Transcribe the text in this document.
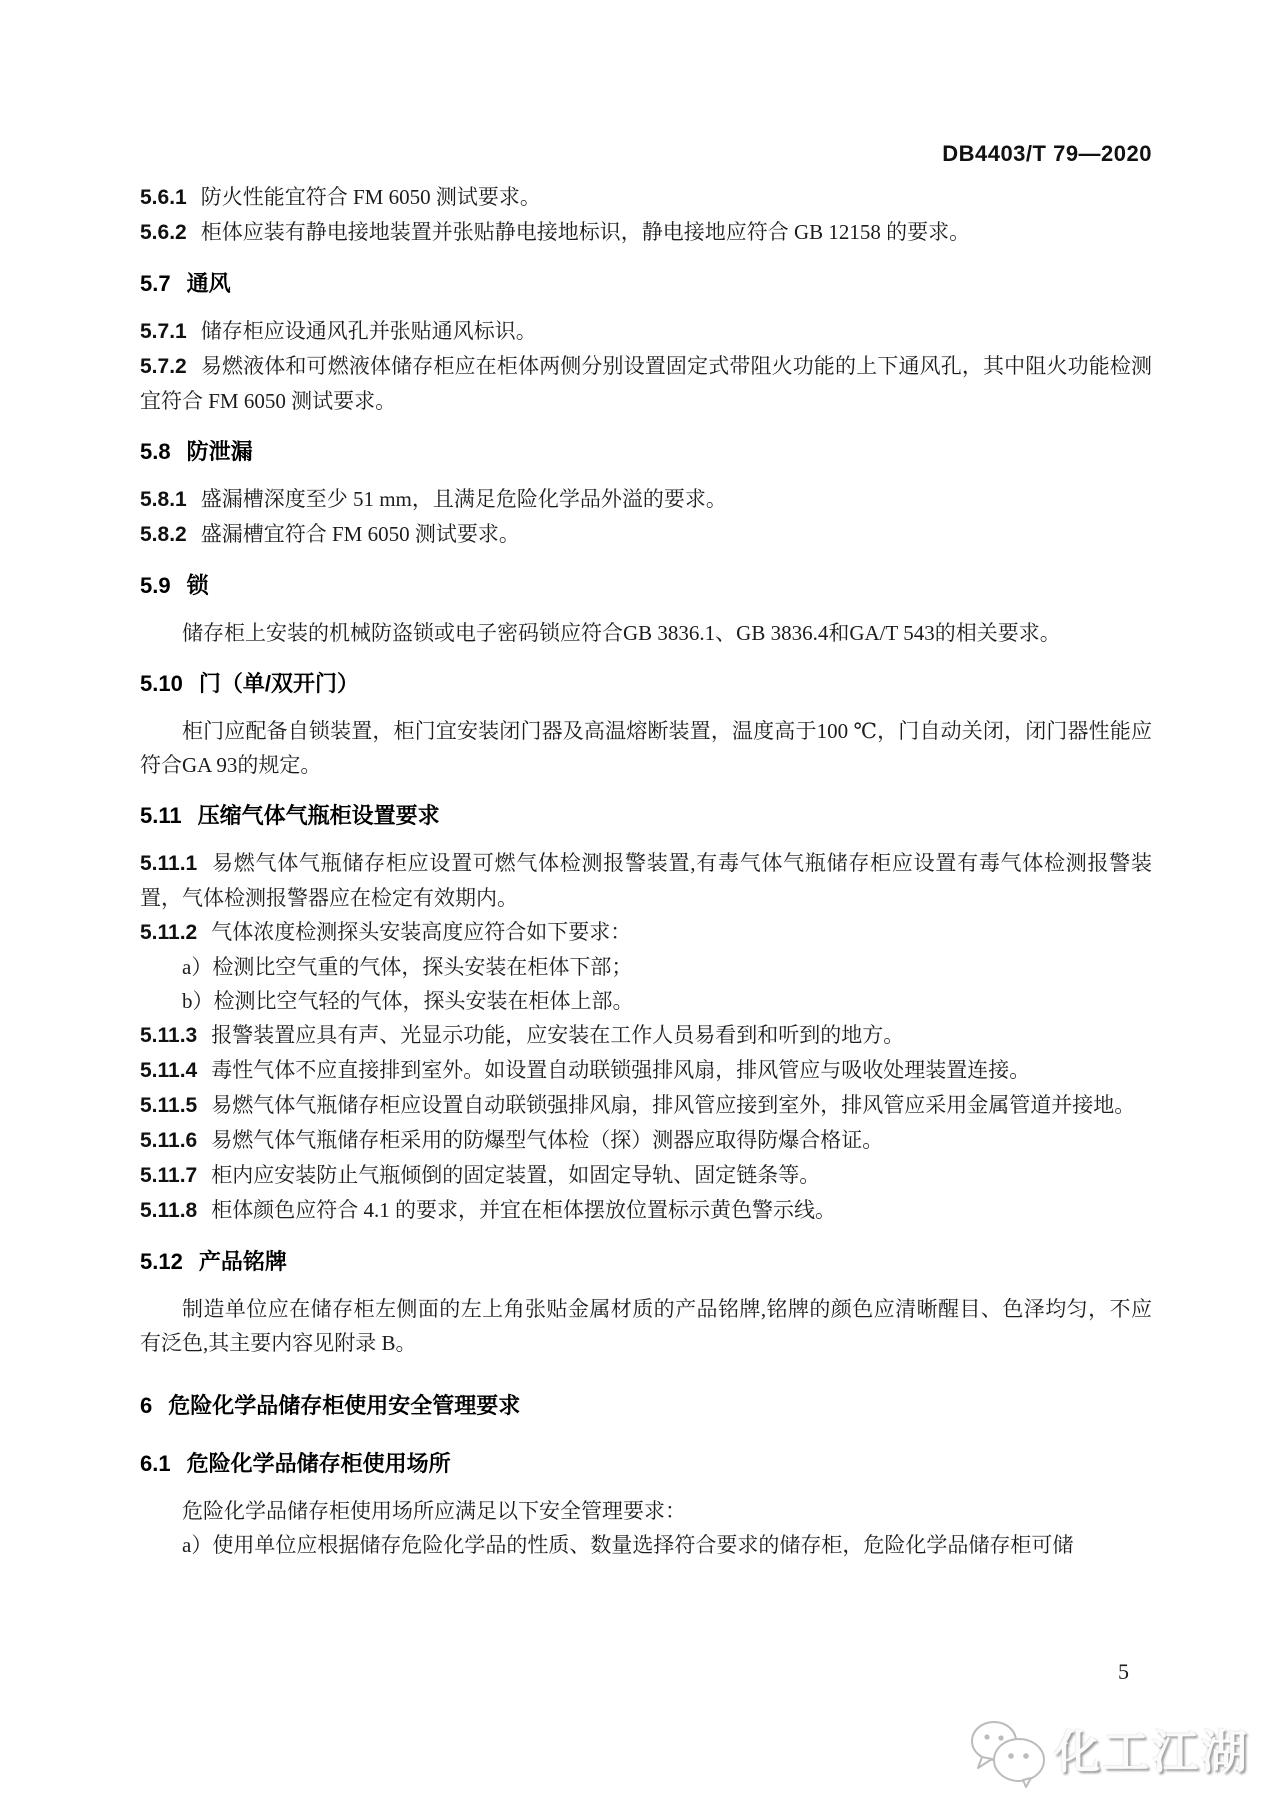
DB4403/T 79—2020
5.6.1 防火性能宜符合 FM 6050 测试要求。
5.6.2 柜体应装有静电接地装置并张贴静电接地标识，静电接地应符合 GB 12158 的要求。
5.7 通风
5.7.1 储存柜应设通风孔并张贴通风标识。
5.7.2 易燃液体和可燃液体储存柜应在柜体两侧分别设置固定式带阻火功能的上下通风孔，其中阻火功能检测宜符合 FM 6050 测试要求。
5.8 防泄漏
5.8.1 盛漏槽深度至少 51 mm，且满足危险化学品外溢的要求。
5.8.2 盛漏槽宜符合 FM 6050 测试要求。
5.9 锁
储存柜上安装的机械防盗锁或电子密码锁应符合GB 3836.1、GB 3836.4和GA/T 543的相关要求。
5.10 门（单/双开门）
柜门应配备自锁装置，柜门宜安装闭门器及高温熔断装置，温度高于100 ℃，门自动关闭，闭门器性能应符合GA 93的规定。
5.11 压缩气体气瓶柜设置要求
5.11.1 易燃气体气瓶储存柜应设置可燃气体检测报警装置,有毒气体气瓶储存柜应设置有毒气体检测报警装置，气体检测报警器应在检定有效期内。
5.11.2 气体浓度检测探头安装高度应符合如下要求：
a）检测比空气重的气体，探头安装在柜体下部；
b）检测比空气轻的气体，探头安装在柜体上部。
5.11.3 报警装置应具有声、光显示功能，应安装在工作人员易看到和听到的地方。
5.11.4 毒性气体不应直接排到室外。如设置自动联锁强排风扇，排风管应与吸收处理装置连接。
5.11.5 易燃气体气瓶储存柜应设置自动联锁强排风扇，排风管应接到室外，排风管应采用金属管道并接地。
5.11.6 易燃气体气瓶储存柜采用的防爆型气体检（探）测器应取得防爆合格证。
5.11.7 柜内应安装防止气瓶倾倒的固定装置，如固定导轨、固定链条等。
5.11.8 柜体颜色应符合 4.1 的要求，并宜在柜体摆放位置标示黄色警示线。
5.12 产品铭牌
制造单位应在储存柜左侧面的左上角张贴金属材质的产品铭牌,铭牌的颜色应清晰醒目、色泽均匀，不应有泛色,其主要内容见附录 B。
6 危险化学品储存柜使用安全管理要求
6.1 危险化学品储存柜使用场所
危险化学品储存柜使用场所应满足以下安全管理要求：
a）使用单位应根据储存危险化学品的性质、数量选择符合要求的储存柜，危险化学品储存柜可储
5
化工江湖
